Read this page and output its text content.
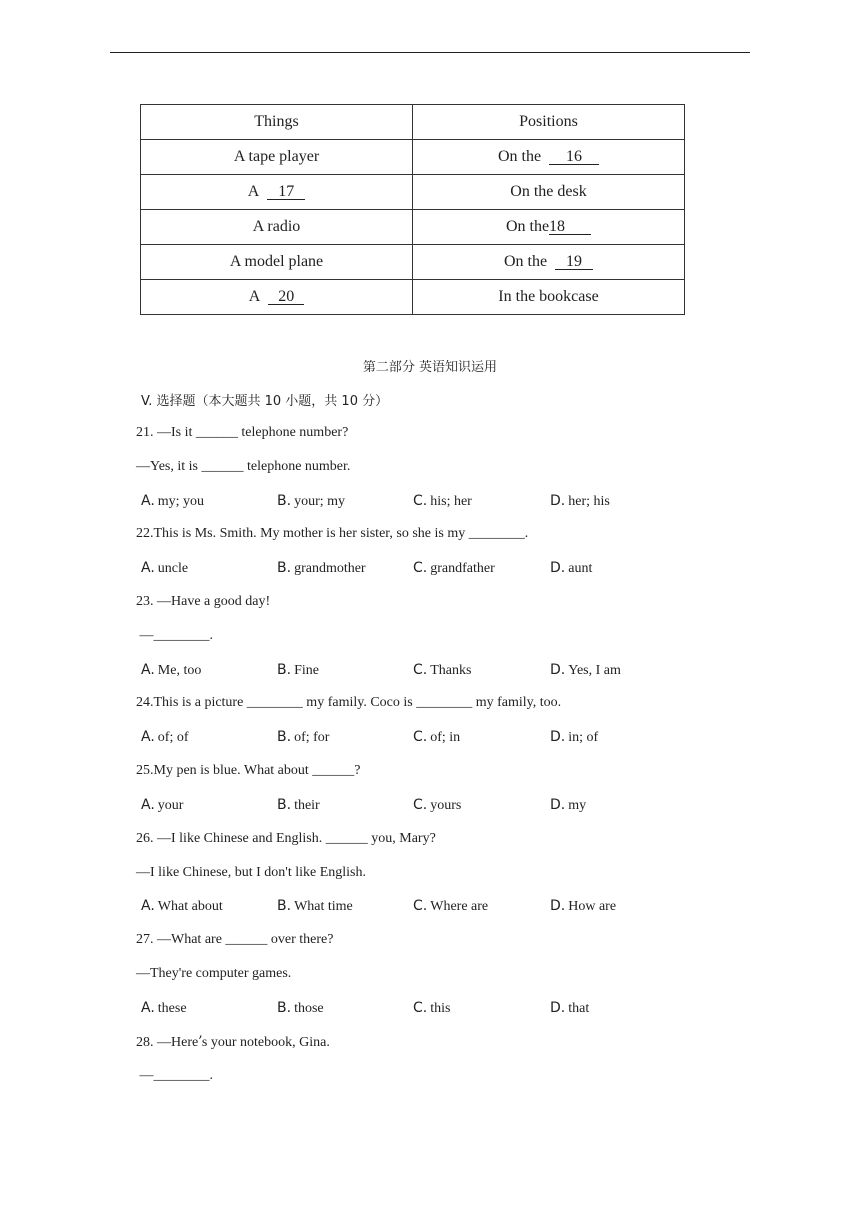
Things	Positions
A tape player	On the 16
A 17	On the desk
A radio	On the18
A model plane	On the 19
A 20	In the bookcase
第二部分 英语知识运用
V. 选择题（本大题共 10 小题，共 10 分）
21. —Is it ______ telephone number?
—Yes, it is ______ telephone number.
A. my; you	B. your; my	C. his; her	D. her; his
22.This is Ms. Smith. My mother is her sister, so she is my ________.
A. uncle	B. grandmother	C. grandfather	D. aunt
23. —Have a good day!
—________.
A. Me, too	B. Fine	C. Thanks	D. Yes, I am
24.This is a picture ________ my family. Coco is ________ my family, too.
A. of; of	B. of; for	C. of; in	D. in; of
25.My pen is blue. What about ______?
A. your	B. their	C. yours	D. my
26. —I like Chinese and English. ______ you, Mary?
—I like Chinese, but I don't like English.
A. What about	B. What time	C. Where are	D. How are
27. —What are ______ over there?
—They're computer games.
A. these	B. those	C. this	D. that
28. —Here՚s your notebook, Gina.
—________.
